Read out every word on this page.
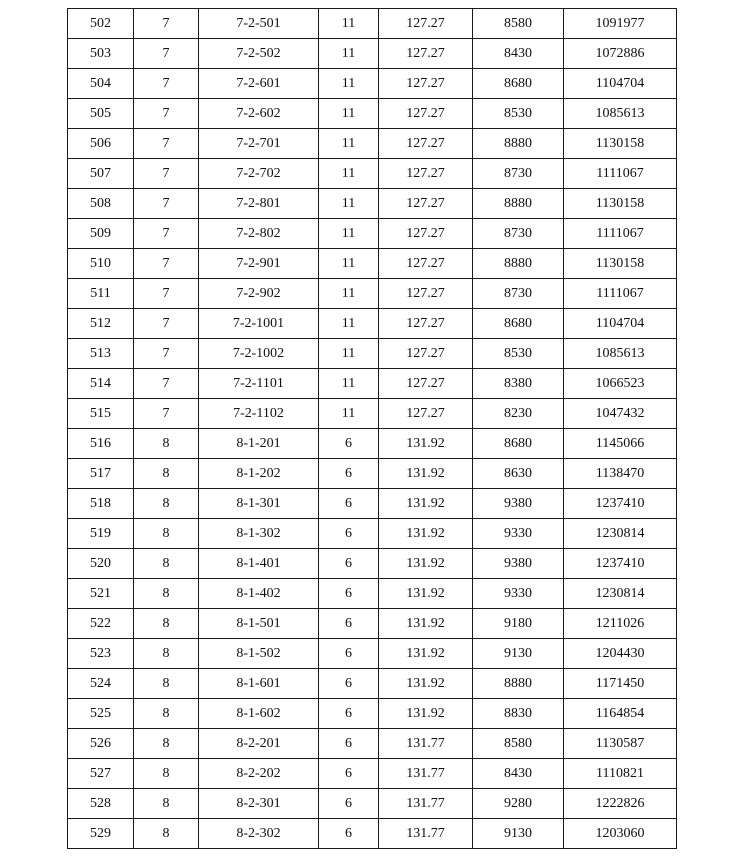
502	7	7-2-501	11	127.27	8580	1091977
503	7	7-2-502	11	127.27	8430	1072886
504	7	7-2-601	11	127.27	8680	1104704
505	7	7-2-602	11	127.27	8530	1085613
506	7	7-2-701	11	127.27	8880	1130158
507	7	7-2-702	11	127.27	8730	1111067
508	7	7-2-801	11	127.27	8880	1130158
509	7	7-2-802	11	127.27	8730	1111067
510	7	7-2-901	11	127.27	8880	1130158
511	7	7-2-902	11	127.27	8730	1111067
512	7	7-2-1001	11	127.27	8680	1104704
513	7	7-2-1002	11	127.27	8530	1085613
514	7	7-2-1101	11	127.27	8380	1066523
515	7	7-2-1102	11	127.27	8230	1047432
516	8	8-1-201	6	131.92	8680	1145066
517	8	8-1-202	6	131.92	8630	1138470
518	8	8-1-301	6	131.92	9380	1237410
519	8	8-1-302	6	131.92	9330	1230814
520	8	8-1-401	6	131.92	9380	1237410
521	8	8-1-402	6	131.92	9330	1230814
522	8	8-1-501	6	131.92	9180	1211026
523	8	8-1-502	6	131.92	9130	1204430
524	8	8-1-601	6	131.92	8880	1171450
525	8	8-1-602	6	131.92	8830	1164854
526	8	8-2-201	6	131.77	8580	1130587
527	8	8-2-202	6	131.77	8430	1110821
528	8	8-2-301	6	131.77	9280	1222826
529	8	8-2-302	6	131.77	9130	1203060
